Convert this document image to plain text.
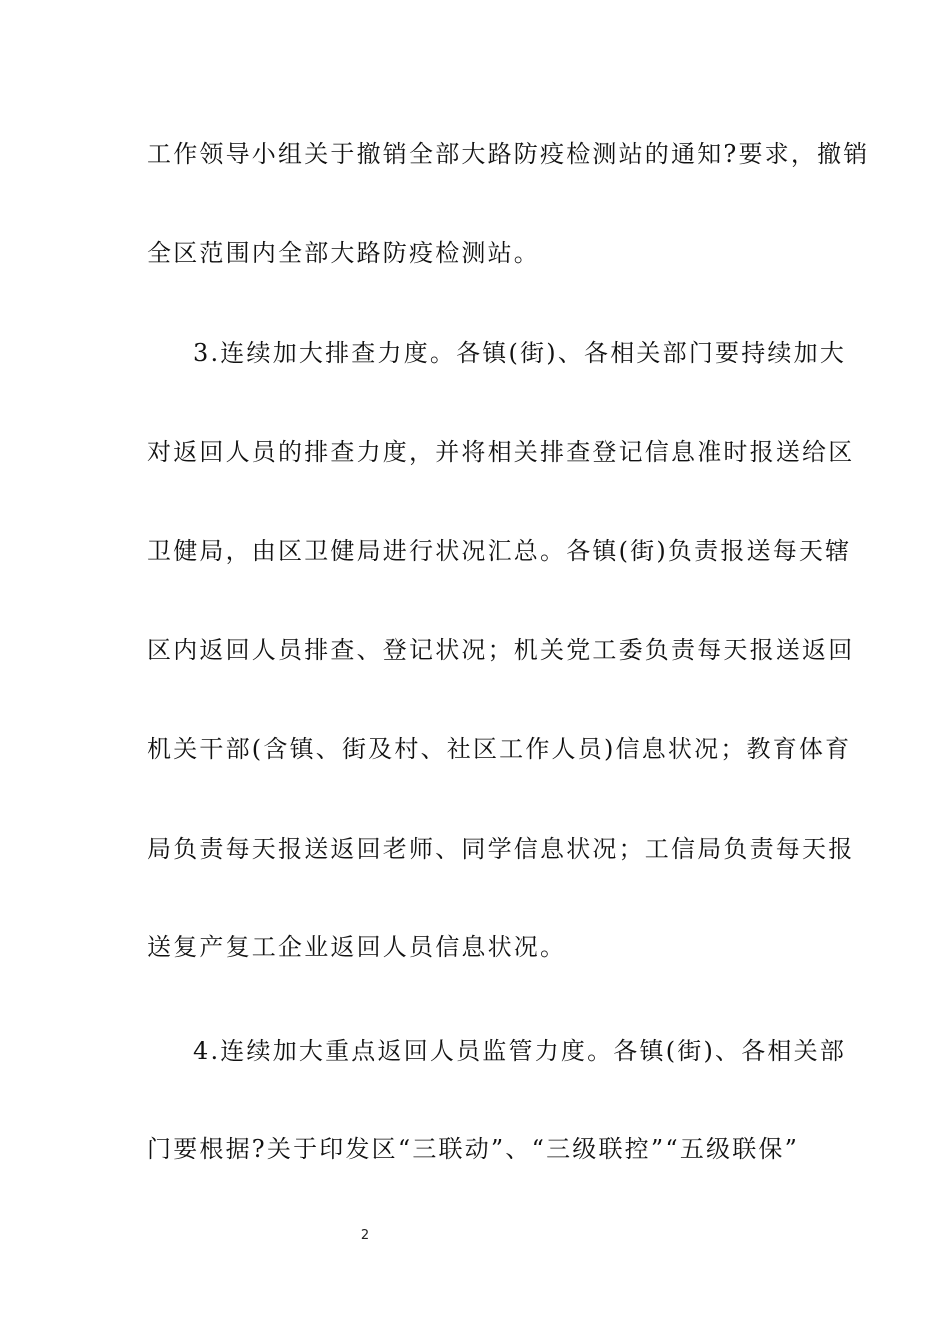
工作领导小组关于撤销全部大路防疫检测站的通知?要求，撤销
全区范围内全部大路防疫检测站。
3.连续加大排查力度。各镇(街)、各相关部门要持续加大
对返回人员的排查力度，并将相关排查登记信息准时报送给区
卫健局，由区卫健局进行状况汇总。各镇(街)负责报送每天辖
区内返回人员排查、登记状况；机关党工委负责每天报送返回
机关干部(含镇、街及村、社区工作人员)信息状况；教育体育
局负责每天报送返回老师、同学信息状况；工信局负责每天报
送复产复工企业返回人员信息状况。
4.连续加大重点返回人员监管力度。各镇(街)、各相关部
门要根据?关于印发区“三联动”、“三级联控”“五级联保”
2
